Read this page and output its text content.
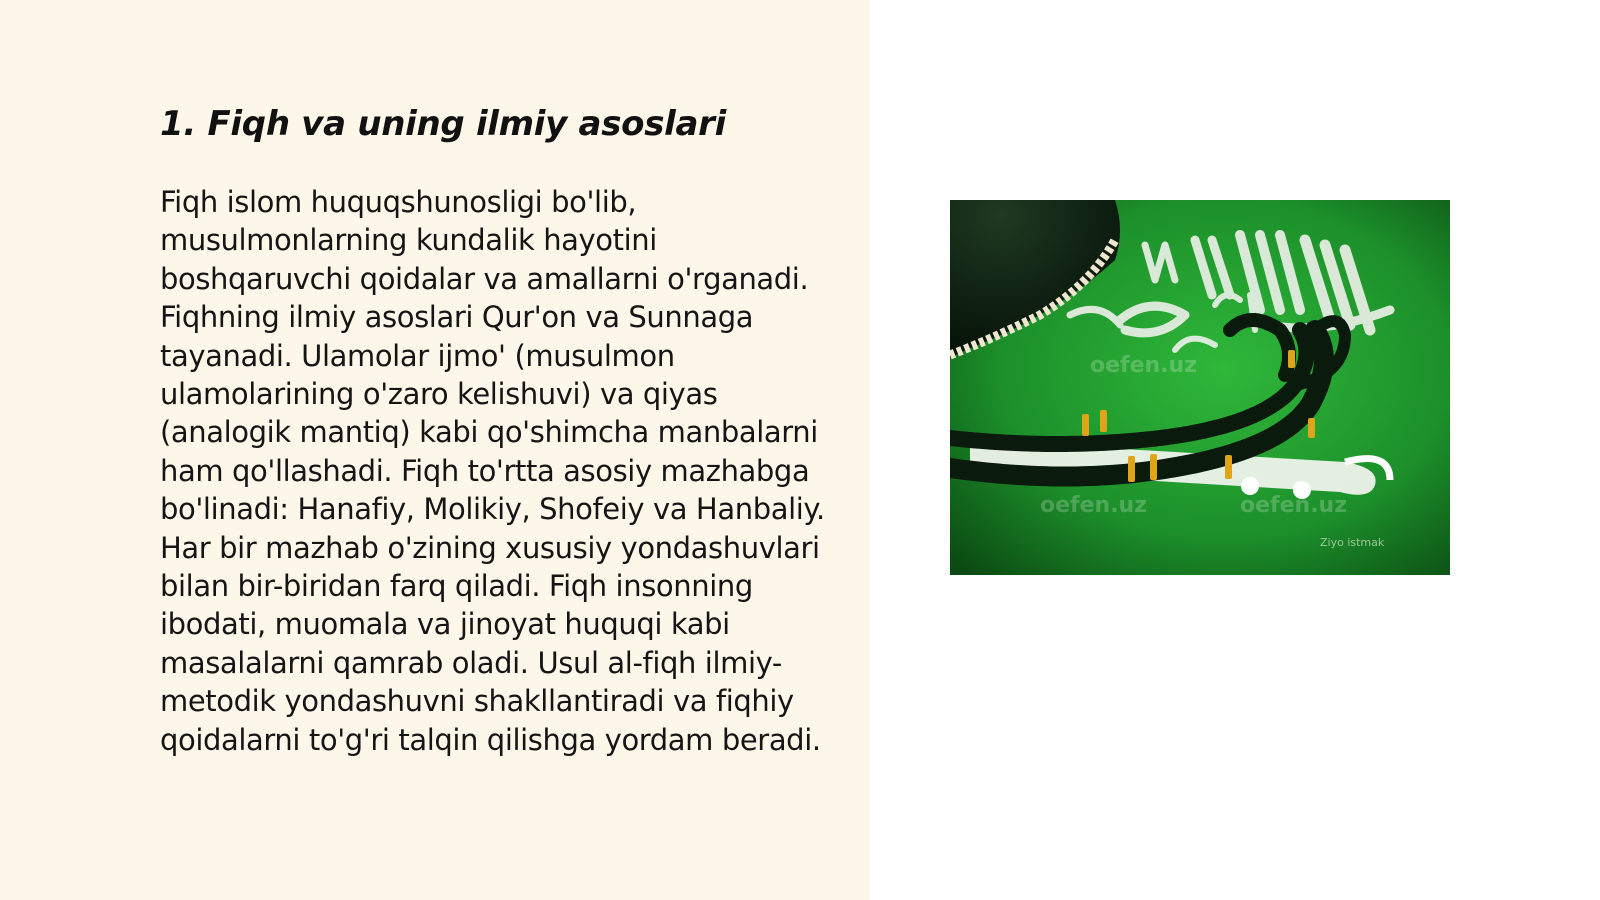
1. Fiqh va uning ilmiy asoslari

Fiqh islom huquqshunosligi bo'lib, musulmonlarning kundalik hayotini boshqaruvchi qoidalar va amallarni o'rganadi. Fiqhning ilmiy asoslari Qur'on va Sunnaga tayanadi. Ulamolar ijmo' (musulmon ulamolarining o'zaro kelishuvi) va qiyas (analogik mantiq) kabi qo'shimcha manbalarni ham qo'llashadi. Fiqh to'rtta asosiy mazhabga bo'linadi: Hanafiy, Molikiy, Shofeiy va Hanbaliy. Har bir mazhab o'zining xususiy yondashuvlari bilan bir-biridan farq qiladi. Fiqh insonning ibodati, muomala va jinoyat huquqi kabi masalalarni qamrab oladi. Usul al-fiqh ilmiy-metodik yondashuvni shakllantiradi va fiqhiy qoidalarni to'g'ri talqin qilishga yordam beradi.

oefen.uz	oefen.uz
oefen.uz
Ziyo istmak
